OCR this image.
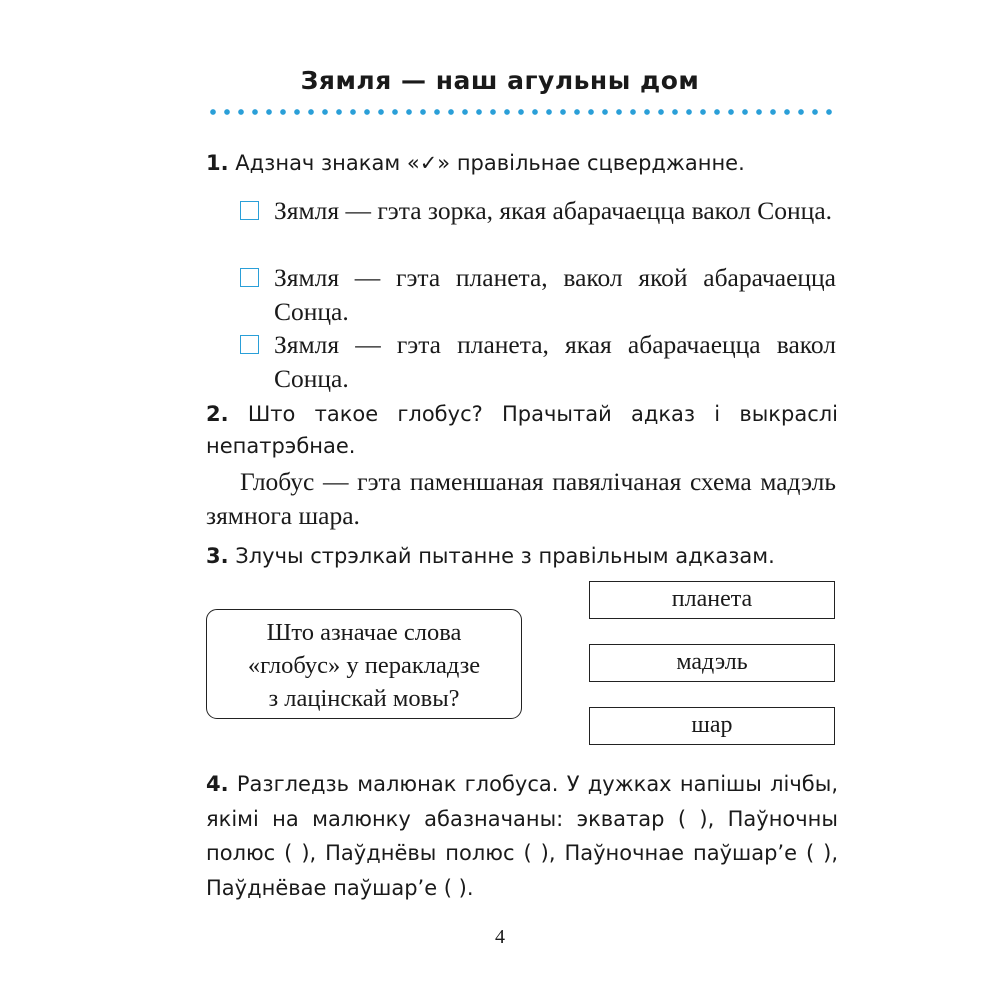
Зямля — наш агульны дом
1. Адзнач знакам «✓» правільнае сцверджанне.
Зямля — гэта зорка, якая абарачаецца вакол Сонца.
Зямля — гэта планета, вакол якой абарачаецца Сонца.
Зямля — гэта планета, якая абарачаецца вакол Сонца.
2. Што такое глобус? Прачытай адказ і выкраслі непатрэбнае.
Глобус — гэта паменшаная павялічаная схема мадэль зямнога шара.
3. Злучы стрэлкай пытанне з правільным адказам.
Што азначае слова
«глобус» у перакладзе
з лацінскай мовы?
планета
мадэль
шар
4. Разгледзь малюнак глобуса. У дужках напішы лічбы, якімі на малюнку абазначаны: экватар ( ), Паўночны полюс ( ), Паўднёвы полюс ( ), Паўночнае паўшар’е ( ), Паўднёвае паўшар’е ( ).
4
